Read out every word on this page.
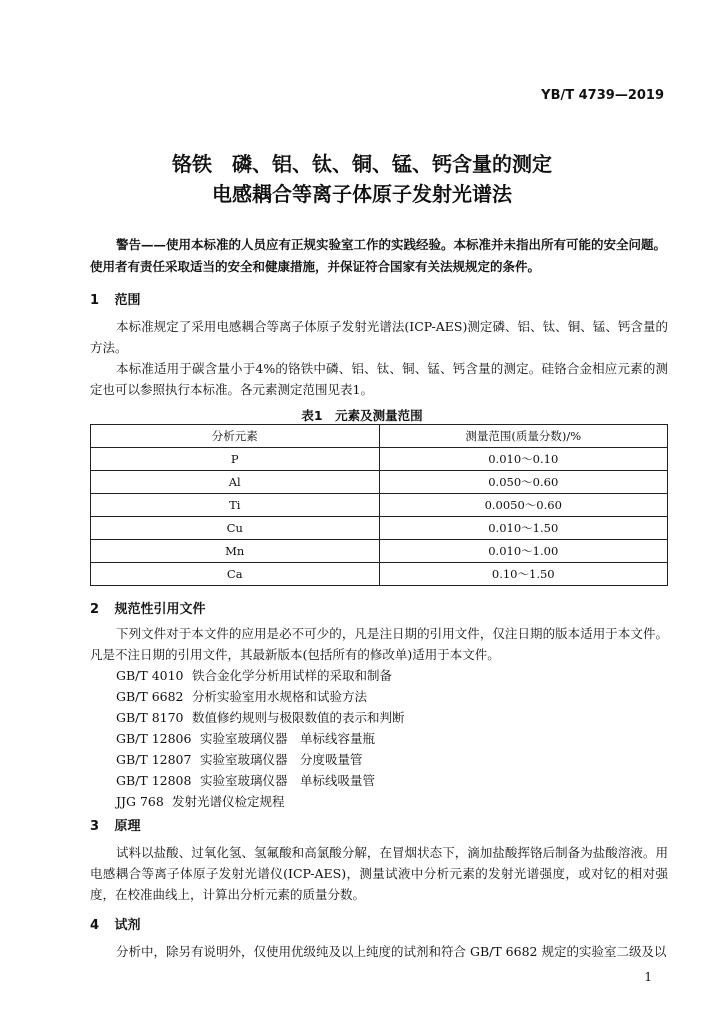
YB/T 4739—2019
铬铁　磷、铝、钛、铜、锰、钙含量的测定
电感耦合等离子体原子发射光谱法
警告——使用本标准的人员应有正规实验室工作的实践经验。本标准并未指出所有可能的安全问题。使用者有责任采取适当的安全和健康措施，并保证符合国家有关法规规定的条件。
1 范围
本标准规定了采用电感耦合等离子体原子发射光谱法(ICP-AES)测定磷、铝、钛、铜、锰、钙含量的方法。
本标准适用于碳含量小于4%的铬铁中磷、铝、钛、铜、锰、钙含量的测定。硅铬合金相应元素的测定也可以参照执行本标准。各元素测定范围见表1。
表1　元素及测量范围
分析元素	测量范围(质量分数)/%
P	0.010～0.10
Al	0.050～0.60
Ti	0.0050～0.60
Cu	0.010～1.50
Mn	0.010～1.00
Ca	0.10～1.50
2 规范性引用文件
下列文件对于本文件的应用是必不可少的，凡是注日期的引用文件，仅注日期的版本适用于本文件。凡是不注日期的引用文件，其最新版本(包括所有的修改单)适用于本文件。
GB/T 4010 铁合金化学分析用试样的采取和制备
GB/T 6682 分析实验室用水规格和试验方法
GB/T 8170 数值修约规则与极限数值的表示和判断
GB/T 12806 实验室玻璃仪器　单标线容量瓶
GB/T 12807 实验室玻璃仪器　分度吸量管
GB/T 12808 实验室玻璃仪器　单标线吸量管
JJG 768 发射光谱仪检定规程
3 原理
试料以盐酸、过氧化氢、氢氟酸和高氯酸分解，在冒烟状态下，滴加盐酸挥铬后制备为盐酸溶液。用电感耦合等离子体原子发射光谱仪(ICP-AES)，测量试液中分析元素的发射光谱强度，或对钇的相对强度，在校准曲线上，计算出分析元素的质量分数。
4 试剂
分析中，除另有说明外，仅使用优级纯及以上纯度的试剂和符合 GB/T 6682 规定的实验室二级及以
1
